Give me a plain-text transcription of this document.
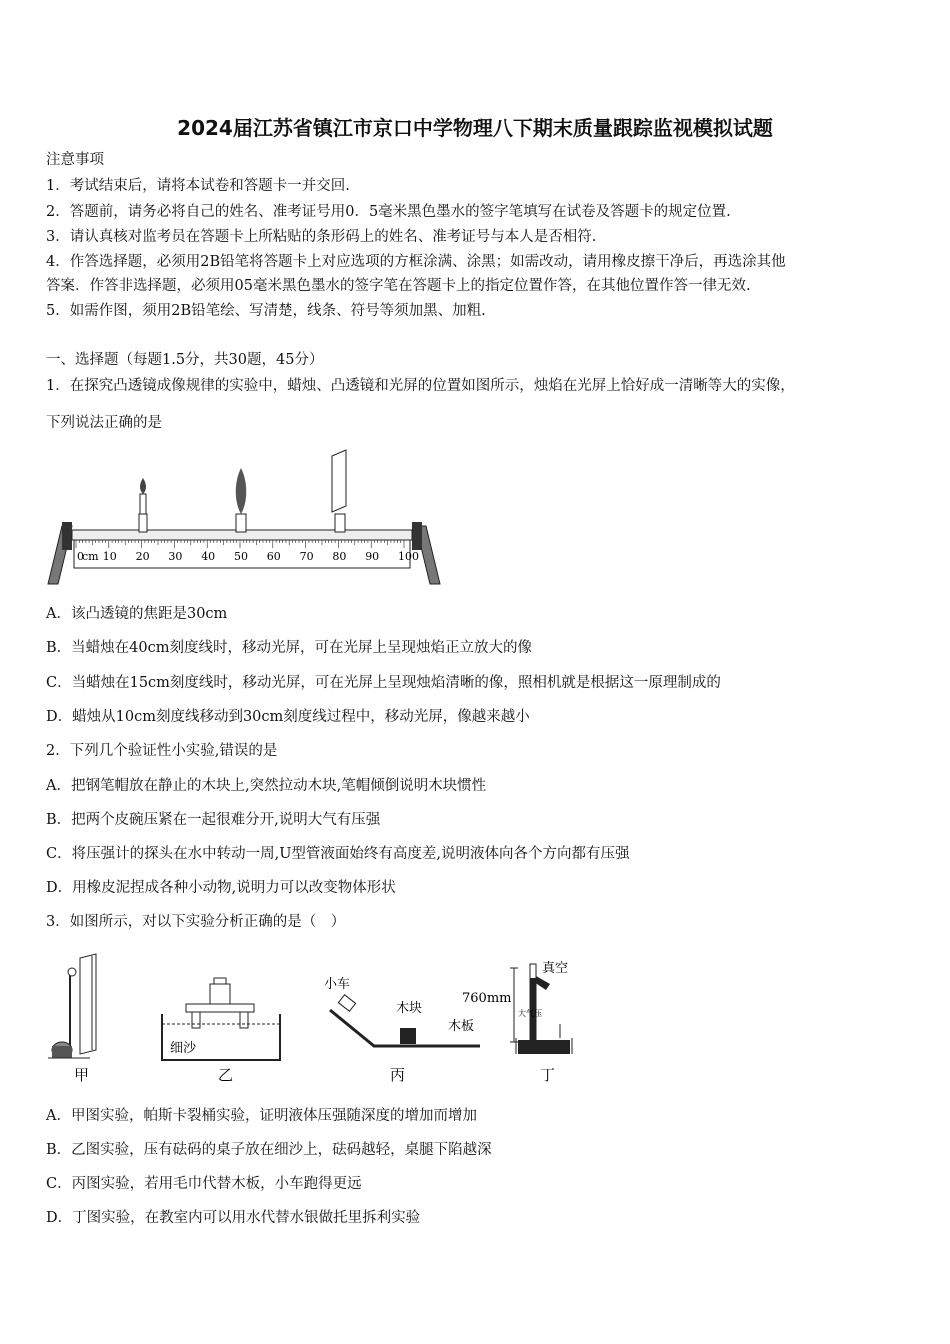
2024届江苏省镇江市京口中学物理八下期末质量跟踪监视模拟试题
注意事项
1．考试结束后，请将本试卷和答题卡一并交回.
2．答题前，请务必将自己的姓名、准考证号用0．5毫米黑色墨水的签字笔填写在试卷及答题卡的规定位置.
3．请认真核对监考员在答题卡上所粘贴的条形码上的姓名、准考证号与本人是否相符.
4．作答选择题，必须用2B铅笔将答题卡上对应选项的方框涂满、涂黑；如需改动，请用橡皮擦干净后，再选涂其他
答案．作答非选择题，必须用05毫米黑色墨水的签字笔在答题卡上的指定位置作答，在其他位置作答一律无效.
5．如需作图，须用2B铅笔绘、写清楚，线条、符号等须加黑、加粗.
一、选择题（每题1.5分，共30题，45分）
1．在探究凸透镜成像规律的实验中，蜡烛、凸透镜和光屏的位置如图所示，烛焰在光屏上恰好成一清晰等大的实像，
下列说法正确的是
0 10 20 30 40 50 60 70 80 90 100
cm
A．该凸透镜的焦距是30cm
B．当蜡烛在40cm刻度线时，移动光屏，可在光屏上呈现烛焰正立放大的像
C．当蜡烛在15cm刻度线时，移动光屏，可在光屏上呈现烛焰清晰的像，照相机就是根据这一原理制成的
D．蜡烛从10cm刻度线移动到30cm刻度线过程中，移动光屏，像越来越小
2．下列几个验证性小实验,错误的是
A．把钢笔帽放在静止的木块上,突然拉动木块,笔帽倾倒说明木块惯性
B．把两个皮碗压紧在一起很难分开,说明大气有压强
C．将压强计的探头在水中转动一周,U型管液面始终有高度差,说明液体向各个方向都有压强
D．用橡皮泥捏成各种小动物,说明力可以改变物体形状
3．如图所示，对以下实验分析正确的是（　）
甲
细沙
乙
小车
木块
木板
丙
真空
760mm
大气压
丁
A．甲图实验，帕斯卡裂桶实验，证明液体压强随深度的增加而增加
B．乙图实验，压有砝码的桌子放在细沙上，砝码越轻，桌腿下陷越深
C．丙图实验，若用毛巾代替木板，小车跑得更远
D．丁图实验，在教室内可以用水代替水银做托里拆利实验
